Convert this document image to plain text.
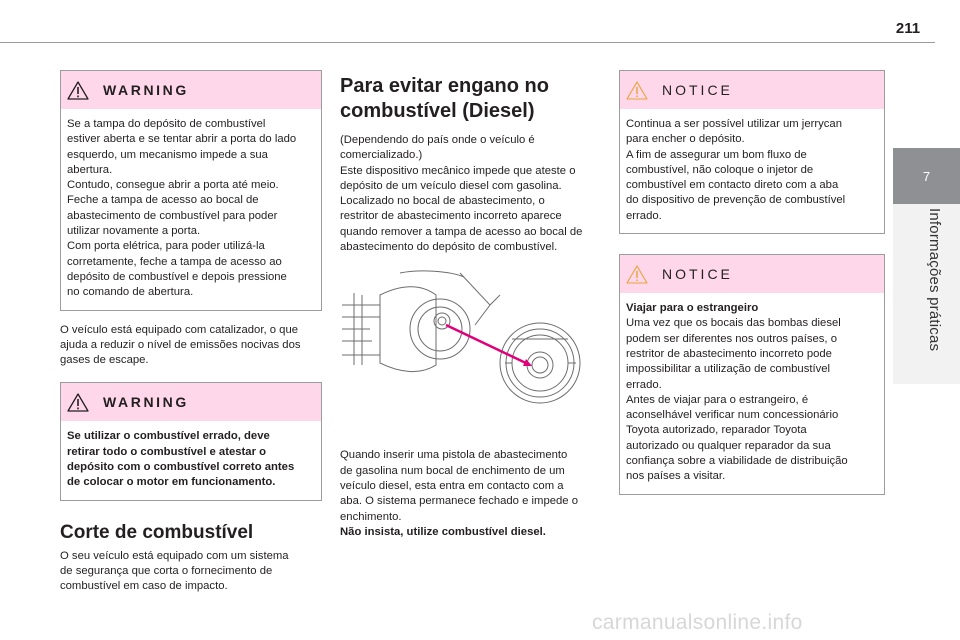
211
7
Informações práticas
WARNING

Se a tampa do depósito de combustível
estiver aberta e se tentar abrir a porta do lado
esquerdo, um mecanismo impede a sua
abertura.
Contudo, consegue abrir a porta até meio.
Feche a tampa de acesso ao bocal de
abastecimento de combustível para poder
utilizar novamente a porta.
Com porta elétrica, para poder utilizá-la
corretamente, feche a tampa de acesso ao
depósito de combustível e depois pressione
no comando de abertura.

O veículo está equipado com catalizador, o que
ajuda a reduzir o nível de emissões nocivas dos
gases de escape.

WARNING

Se utilizar o combustível errado, deve
retirar todo o combustível e atestar o
depósito com o combustível correto antes
de colocar o motor em funcionamento.

Corte de combustível

O seu veículo está equipado com um sistema
de segurança que corta o fornecimento de
combustível em caso de impacto.

Para evitar engano no
combustível (Diesel)

(Dependendo do país onde o veículo é
comercializado.)
Este dispositivo mecânico impede que ateste o
depósito de um veículo diesel com gasolina.
Localizado no bocal de abastecimento, o
restritor de abastecimento incorreto aparece
quando remover a tampa de acesso ao bocal de
abastecimento do depósito de combustível.

Quando inserir uma pistola de abastecimento
de gasolina num bocal de enchimento de um
veículo diesel, esta entra em contacto com a
aba. O sistema permanece fechado e impede o
enchimento.

Não insista, utilize combustível diesel.

NOTICE

Continua a ser possível utilizar um jerrycan
para encher o depósito.
A fim de assegurar um bom fluxo de
combustível, não coloque o injetor de
combustível em contacto direto com a aba
do dispositivo de prevenção de combustível
errado.

NOTICE

Viajar para o estrangeiro

Uma vez que os bocais das bombas diesel
podem ser diferentes nos outros países, o
restritor de abastecimento incorreto pode
impossibilitar a utilização de combustível
errado.
Antes de viajar para o estrangeiro, é
aconselhável verificar num concessionário
Toyota autorizado, reparador Toyota
autorizado ou qualquer reparador da sua
confiança sobre a viabilidade de distribuição
nos países a visitar.

carmanualsonline.info
